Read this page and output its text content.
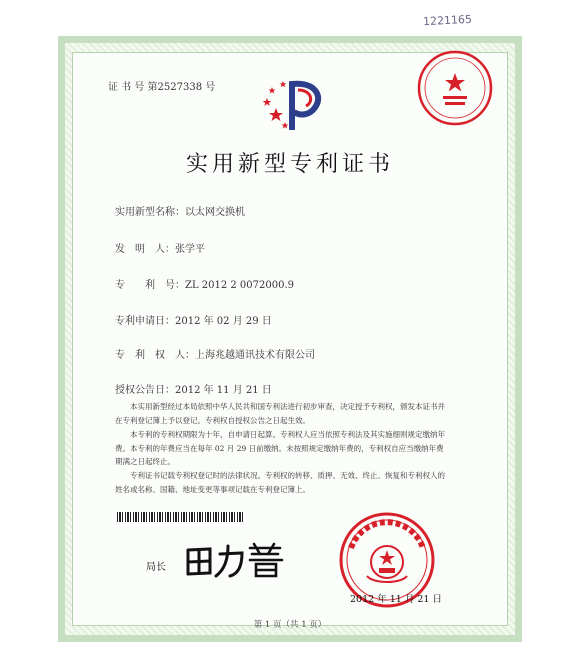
1221165
证 书 号 第2527338 号
实用新型专利证书
实用新型名称：以太网交换机
发　明　人：张学平
专　　利　号：ZL 2012 2 0072000.9
专利申请日：2012 年 02 月 29 日
专　利　权　人：上海兆越通讯技术有限公司
授权公告日：2012 年 11 月 21 日
本实用新型经过本局依照中华人民共和国专利法进行初步审查，决定授予专利权，颁发本证书并在专利登记簿上予以登记。专利权自授权公告之日起生效。
本专利的专利权期限为十年，自申请日起算。专利权人应当依照专利法及其实施细则规定缴纳年费。本专利的年费应当在每年 02 月 29 日前缴纳。未按照规定缴纳年费的，专利权自应当缴纳年费期满之日起终止。
专利证书记载专利权登记时的法律状况。专利权的转移、质押、无效、终止、恢复和专利权人的姓名或名称、国籍、地址变更等事项记载在专利登记簿上。
局长
2012 年 11 月 21 日
第 1 页（共 1 页）
